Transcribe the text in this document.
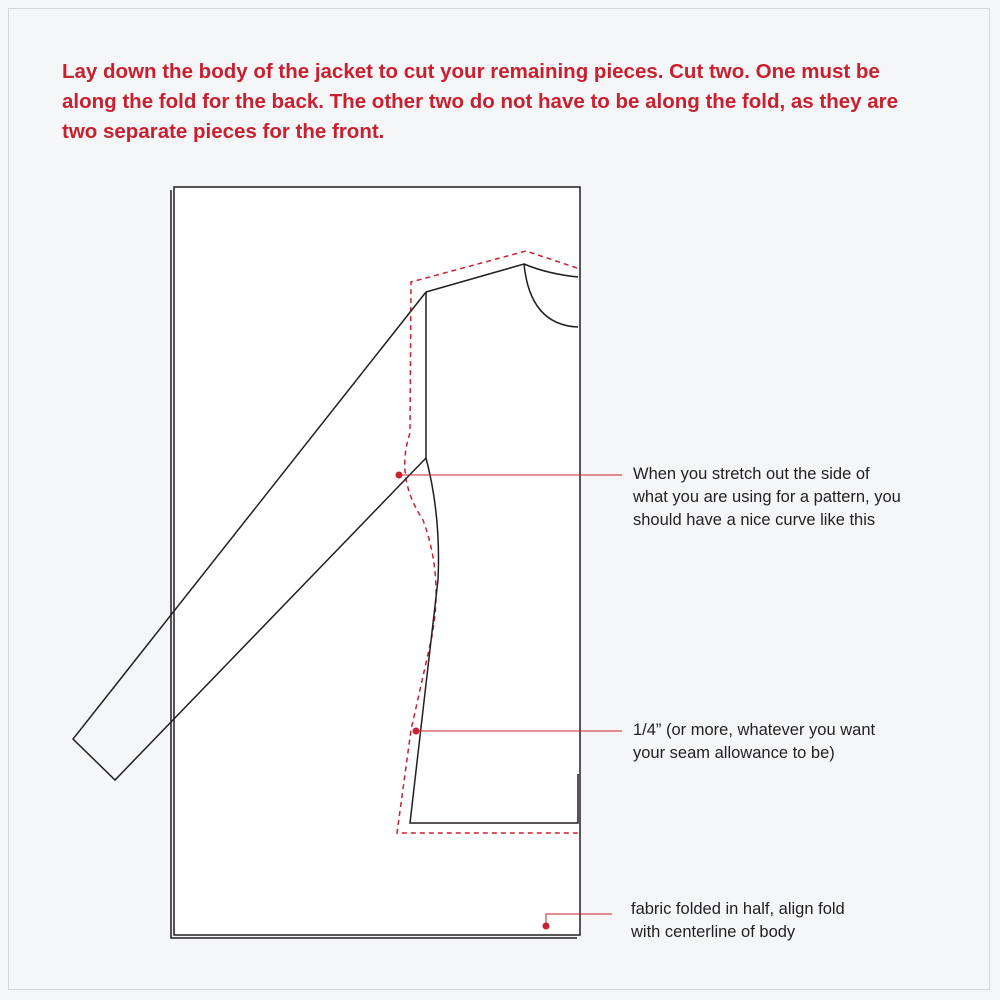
Lay down the body of the jacket to cut your remaining pieces. Cut two. One must be
along the fold for the back. The other two do not have to be along the fold, as they are
two separate pieces for the front.
When you stretch out the side of
what you are using for a pattern, you
should have a nice curve like this
1/4” (or more, whatever you want
your seam allowance to be)
fabric folded in half, align fold
with centerline of body
